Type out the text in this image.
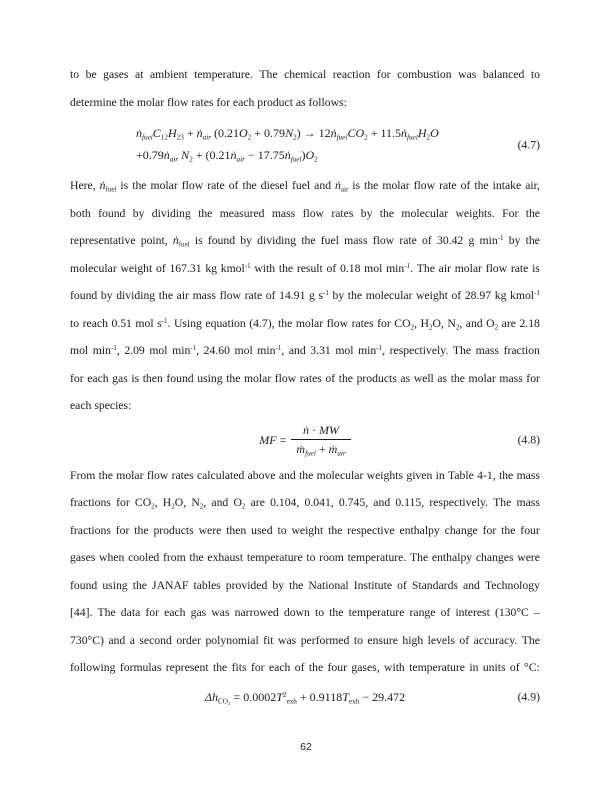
to be gases at ambient temperature. The chemical reaction for combustion was balanced to
determine the molar flow rates for each product as follows:
$ṅ_{fuel}C_{12}H_{23}$ + ṅ$_{air}$ $(0.21O_2 + 0.79N_2)$ → $12ṅ_{fuel}CO_2$ + $11.5ṅ_{fuel}H_2O$
+0.79ṅ$_{air}$ $N_2$ + (0.21ṅ$_{air}$ − $17.75ṅ_{fuel})O_2$
(4.7)
Here, ṅ$_{fuel}$ is the molar flow rate of the diesel fuel and ṅ$_{air}$ is the molar flow rate of the intake air,
both found by dividing the measured mass flow rates by the molecular weights. For the
representative point, ṅ$_{fuel}$ is found by dividing the fuel mass flow rate of 30.42 g $\min^{-1}$ by the
molecular weight of 167.31 kg kmol$^{-1}$ with the result of 0.18 mol $\min^{-1}$. The air molar flow rate is
found by dividing the air mass flow rate of 14.91 g $s^{-1}$ by the molecular weight of 28.97 kg kmol$^{-1}$
to reach 0.51 mol $s^{-1}$. Using equation (4.7), the molar flow rates for $CO_2$, $H_2O$, $N_2$, and $O_2$ are 2.18
mol $\min^{-1}$, 2.09 mol $\min^{-1}$, 24.60 mol $\min^{-1}$, and 3.31 mol $\min^{-1}$, respectively. The mass fraction
for each gas is then found using the molar flow rates of the products as well as the molar mass for
each species:
MF = $\frac{\text{ṅ · MW}}{ṁ_{fuel} + ṁ_{air}}$	(4.8)
From the molar flow rates calculated above and the molecular weights given in Table 4-1, the mass
fractions for $CO_2$, $H_2O$, $N_2$, and $O_2$ are 0.104, 0.041, 0.745, and 0.115, respectively. The mass
fractions for the products were then used to weight the respective enthalpy change for the four
gases when cooled from the exhaust temperature to room temperature. The enthalpy changes were
found using the JANAF tables provided by the National Institute of Standards and Technology
[44]. The data for each gas was narrowed down to the temperature range of interest (130°C –
730°C) and a second order polynomial fit was performed to ensure high levels of accuracy. The
following formulas represent the fits for each of the four gases, with temperature in units of °C:
$\Delta h_{CO_2} = 0.0002T^2_{exh} + 0.9118T_{exh} - 29.472$	(4.9)
62
